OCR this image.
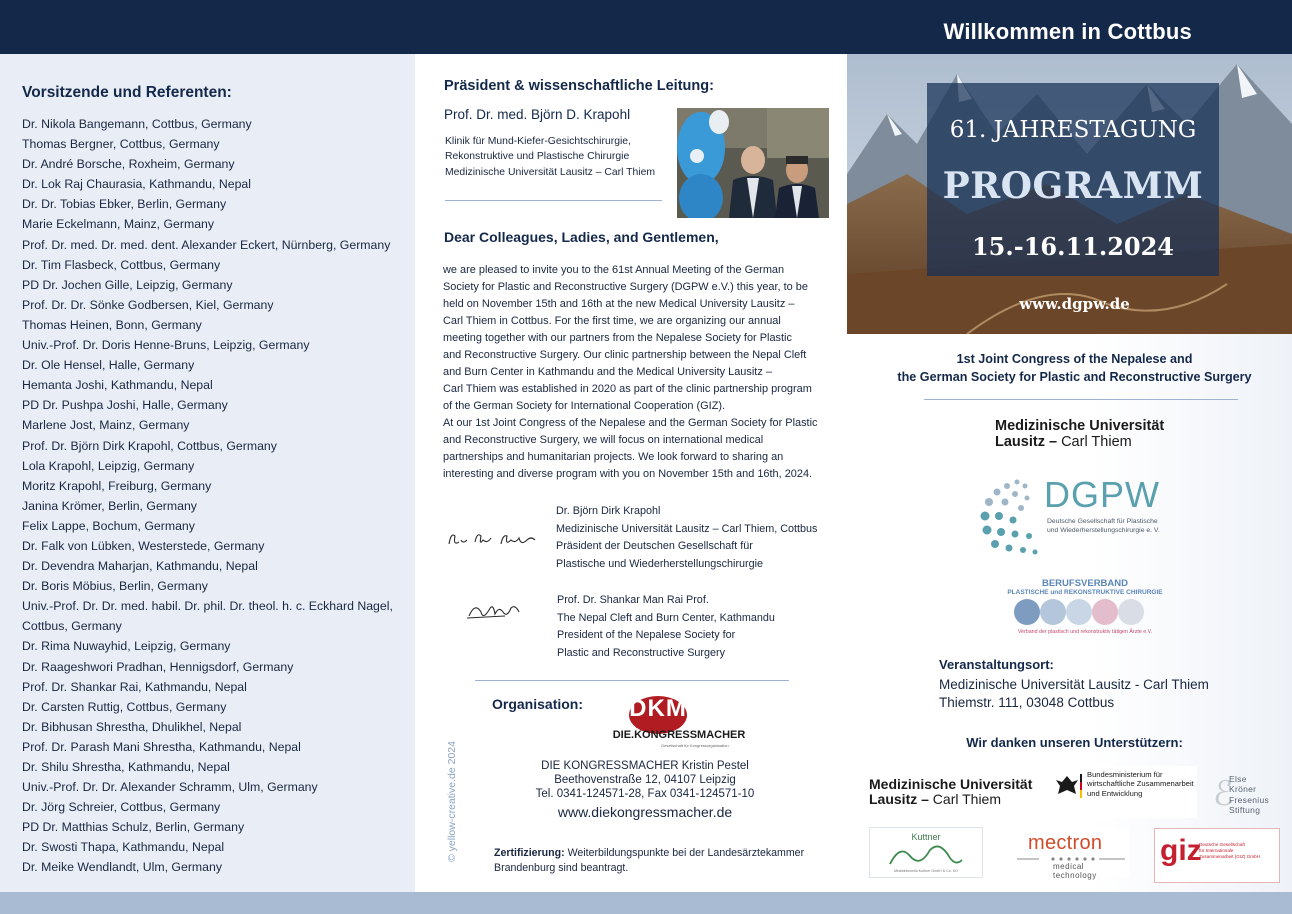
Willkommen in Cottbus
Vorsitzende und Referenten:
Dr. Nikola Bangemann, Cottbus, Germany
Thomas Bergner, Cottbus, Germany
Dr. André Borsche, Roxheim, Germany
Dr. Lok Raj Chaurasia, Kathmandu, Nepal
Dr. Dr. Tobias Ebker, Berlin, Germany
Marie Eckelmann, Mainz, Germany
Prof. Dr. med. Dr. med. dent. Alexander Eckert, Nürnberg, Germany
Dr. Tim Flasbeck, Cottbus, Germany
PD Dr. Jochen Gille, Leipzig, Germany
Prof. Dr. Dr. Sönke Godbersen, Kiel, Germany
Thomas Heinen, Bonn, Germany
Univ.-Prof. Dr. Doris Henne-Bruns, Leipzig, Germany
Dr. Ole Hensel, Halle, Germany
Hemanta Joshi, Kathmandu, Nepal
PD Dr. Pushpa Joshi, Halle, Germany
Marlene Jost, Mainz, Germany
Prof. Dr. Björn Dirk Krapohl, Cottbus, Germany
Lola Krapohl, Leipzig, Germany
Moritz Krapohl, Freiburg, Germany
Janina Krömer, Berlin, Germany
Felix Lappe, Bochum, Germany
Dr. Falk von Lübken, Westerstede, Germany
Dr. Devendra Maharjan, Kathmandu, Nepal
Dr. Boris Möbius, Berlin, Germany
Univ.-Prof. Dr. Dr. med. habil. Dr. phil. Dr. theol. h. c. Eckhard Nagel, Cottbus, Germany
Dr. Rima Nuwayhid, Leipzig, Germany
Dr. Raageshwori Pradhan, Hennigsdorf, Germany
Prof. Dr. Shankar Rai, Kathmandu, Nepal
Dr. Carsten Ruttig, Cottbus, Germany
Dr. Bibhusan Shrestha, Dhulikhel, Nepal
Prof. Dr. Parash Mani Shrestha, Kathmandu, Nepal
Dr. Shilu Shrestha, Kathmandu, Nepal
Univ.-Prof. Dr. Dr. Alexander Schramm, Ulm, Germany
Dr. Jörg Schreier, Cottbus, Germany
PD Dr. Matthias Schulz, Berlin, Germany
Dr. Swosti Thapa, Kathmandu, Nepal
Dr. Meike Wendlandt, Ulm, Germany
Präsident & wissenschaftliche Leitung:
Prof. Dr. med. Björn D. Krapohl
Klinik für Mund-Kiefer-Gesichtschirurgie,
Rekonstruktive und Plastische Chirurgie
Medizinische Universität Lausitz – Carl Thiem
Dear Colleagues, Ladies, and Gentlemen,
we are pleased to invite you to the 61st Annual Meeting of the German
Society for Plastic and Reconstructive Surgery (DGPW e.V.) this year, to be
held on November 15th and 16th at the new Medical University Lausitz –
Carl Thiem in Cottbus. For the first time, we are organizing our annual
meeting together with our partners from the Nepalese Society for Plastic
and Reconstructive Surgery. Our clinic partnership between the Nepal Cleft
and Burn Center in Kathmandu and the Medical University Lausitz –
Carl Thiem was established in 2020 as part of the clinic partnership program
of the German Society for International Cooperation (GIZ).
At our 1st Joint Congress of the Nepalese and the German Society for Plastic
and Reconstructive Surgery, we will focus on international medical
partnerships and humanitarian projects. We look forward to sharing an
interesting and diverse program with you on November 15th and 16th, 2024.
Dr. Björn Dirk Krapohl
Medizinische Universität Lausitz – Carl Thiem, Cottbus
Präsident der Deutschen Gesellschaft für
Plastische und Wiederherstellungschirurgie
Prof. Dr. Shankar Man Rai Prof.
The Nepal Cleft and Burn Center, Kathmandu
President of the Nepalese Society for
Plastic and Reconstructive Surgery
Organisation: DKM
DIE.KONGRESSMACHER
Gesellschaft für Kongressorganisation
DIE KONGRESSMACHER Kristin Pestel
Beethovenstraße 12, 04107 Leipzig
Tel. 0341-124571-28, Fax 0341-124571-10
www.diekongressmacher.de
Zertifizierung: Weiterbildungspunkte bei der Landesärztekammer Brandenburg sind beantragt.
© yellow-creative.de 2024
61. JAHRESTAGUNG
PROGRAMM
15.-16.11.2024
www.dgpw.de
1st Joint Congress of the Nepalese and
the German Society for Plastic and Reconstructive Surgery
Medizinische Universität
Lausitz – Carl Thiem
DGPW
Deutsche Gesellschaft für Plastische
und Wiederherstellungschirurgie e. V.
BERUFSVERBAND
PLASTISCHE und REKONSTRUKTIVE CHIRURGIE
Verband der plastisch und rekonstruktiv tätigen Ärzte e.V.
Veranstaltungsort:
Medizinische Universität Lausitz - Carl Thiem
Thiemstr. 111, 03048 Cottbus
Wir danken unseren Unterstützern:
Medizinische Universität
Lausitz – Carl Thiem
Bundesministerium für
wirtschaftliche Zusammenarbeit
und Entwicklung	ℰ
Else
Kröner
Fresenius
Stiftung
Kuttner
Medizintechnik Kuttner GmbH & Co. KG
mectron
medical technology
giz
Deutsche Gesellschaft
für Internationale
Zusammenarbeit (GIZ) GmbH
